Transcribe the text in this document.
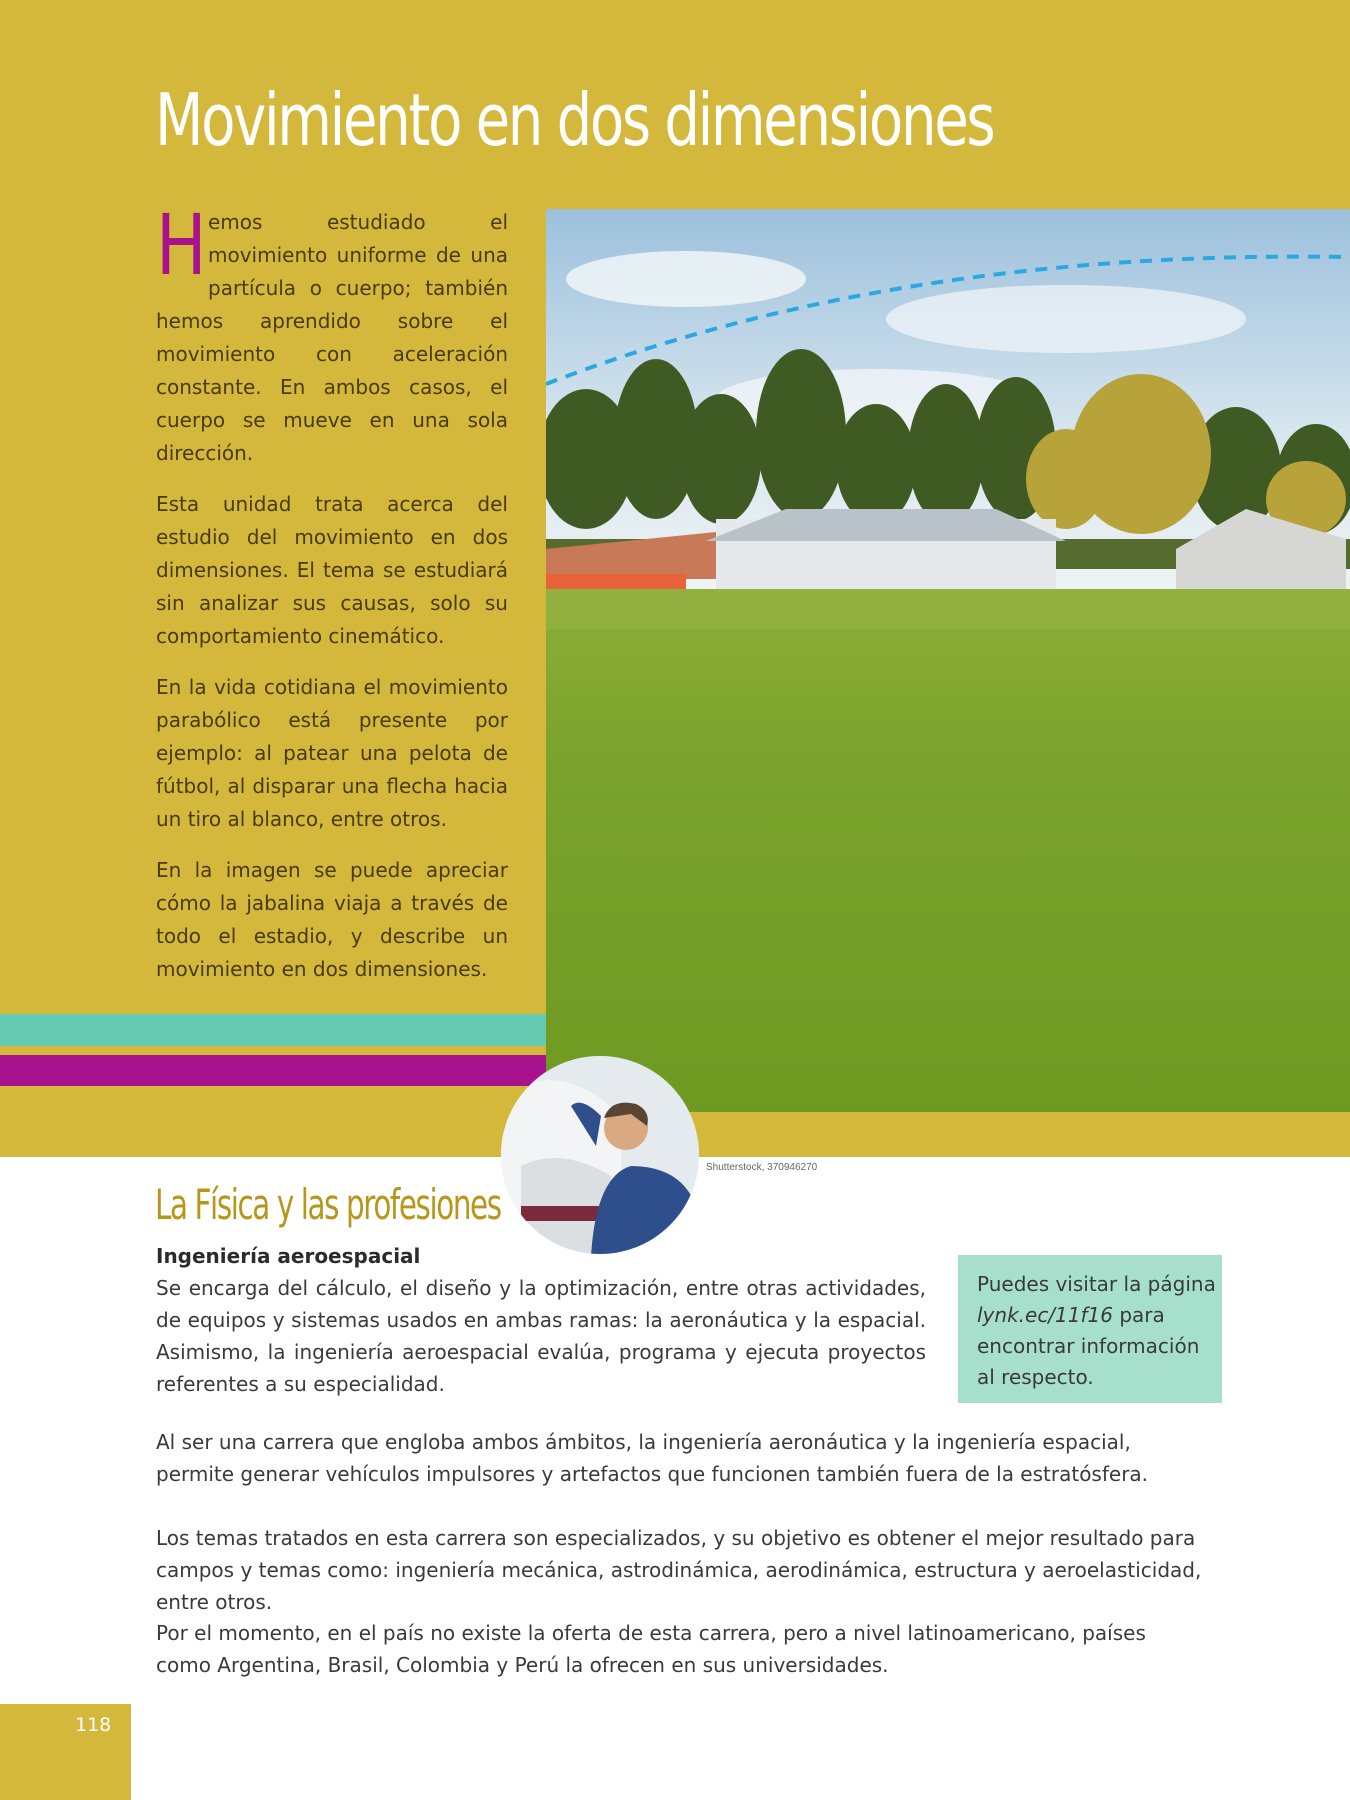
Movimiento en dos dimensiones

Hemos estudiado el movimiento uniforme de una partícula o cuerpo; también hemos aprendido sobre el movimiento con aceleración constante. En ambos casos, el cuerpo se mueve en una sola dirección.

Esta unidad trata acerca del estudio del movimiento en dos dimensiones. El tema se estudiará sin analizar sus causas, solo su comportamiento cinemático.

En la vida cotidiana el movimiento parabólico está presente por ejemplo: al patear una pelota de fútbol, al disparar una flecha hacia un tiro al blanco, entre otros.

En la imagen se puede apreciar cómo la jabalina viaja a través de todo el estadio, y describe un movimiento en dos dimensiones.

Shutterstock, 370946270
La Física y las profesiones
Ingeniería aeroespacial

Se encarga del cálculo, el diseño y la optimización, entre otras actividades, de equipos y sistemas usados en ambas ramas: la aeronáutica y la espacial. Asimismo, la ingeniería aeroespacial evalúa, programa y ejecuta proyectos referentes a su especialidad.

Puedes visitar la página lynk.ec/11f16 para encontrar información al respecto.

Al ser una carrera que engloba ambos ámbitos, la ingeniería aeronáutica y la ingeniería espacial, permite generar vehículos impulsores y artefactos que funcionen también fuera de la estratósfera.

Los temas tratados en esta carrera son especializados, y su objetivo es obtener el mejor resultado para campos y temas como: ingeniería mecánica, astrodinámica, aerodinámica, estructura y aeroelasticidad, entre otros.

Por el momento, en el país no existe la oferta de esta carrera, pero a nivel latinoamericano, países como Argentina, Brasil, Colombia y Perú la ofrecen en sus universidades.

118
